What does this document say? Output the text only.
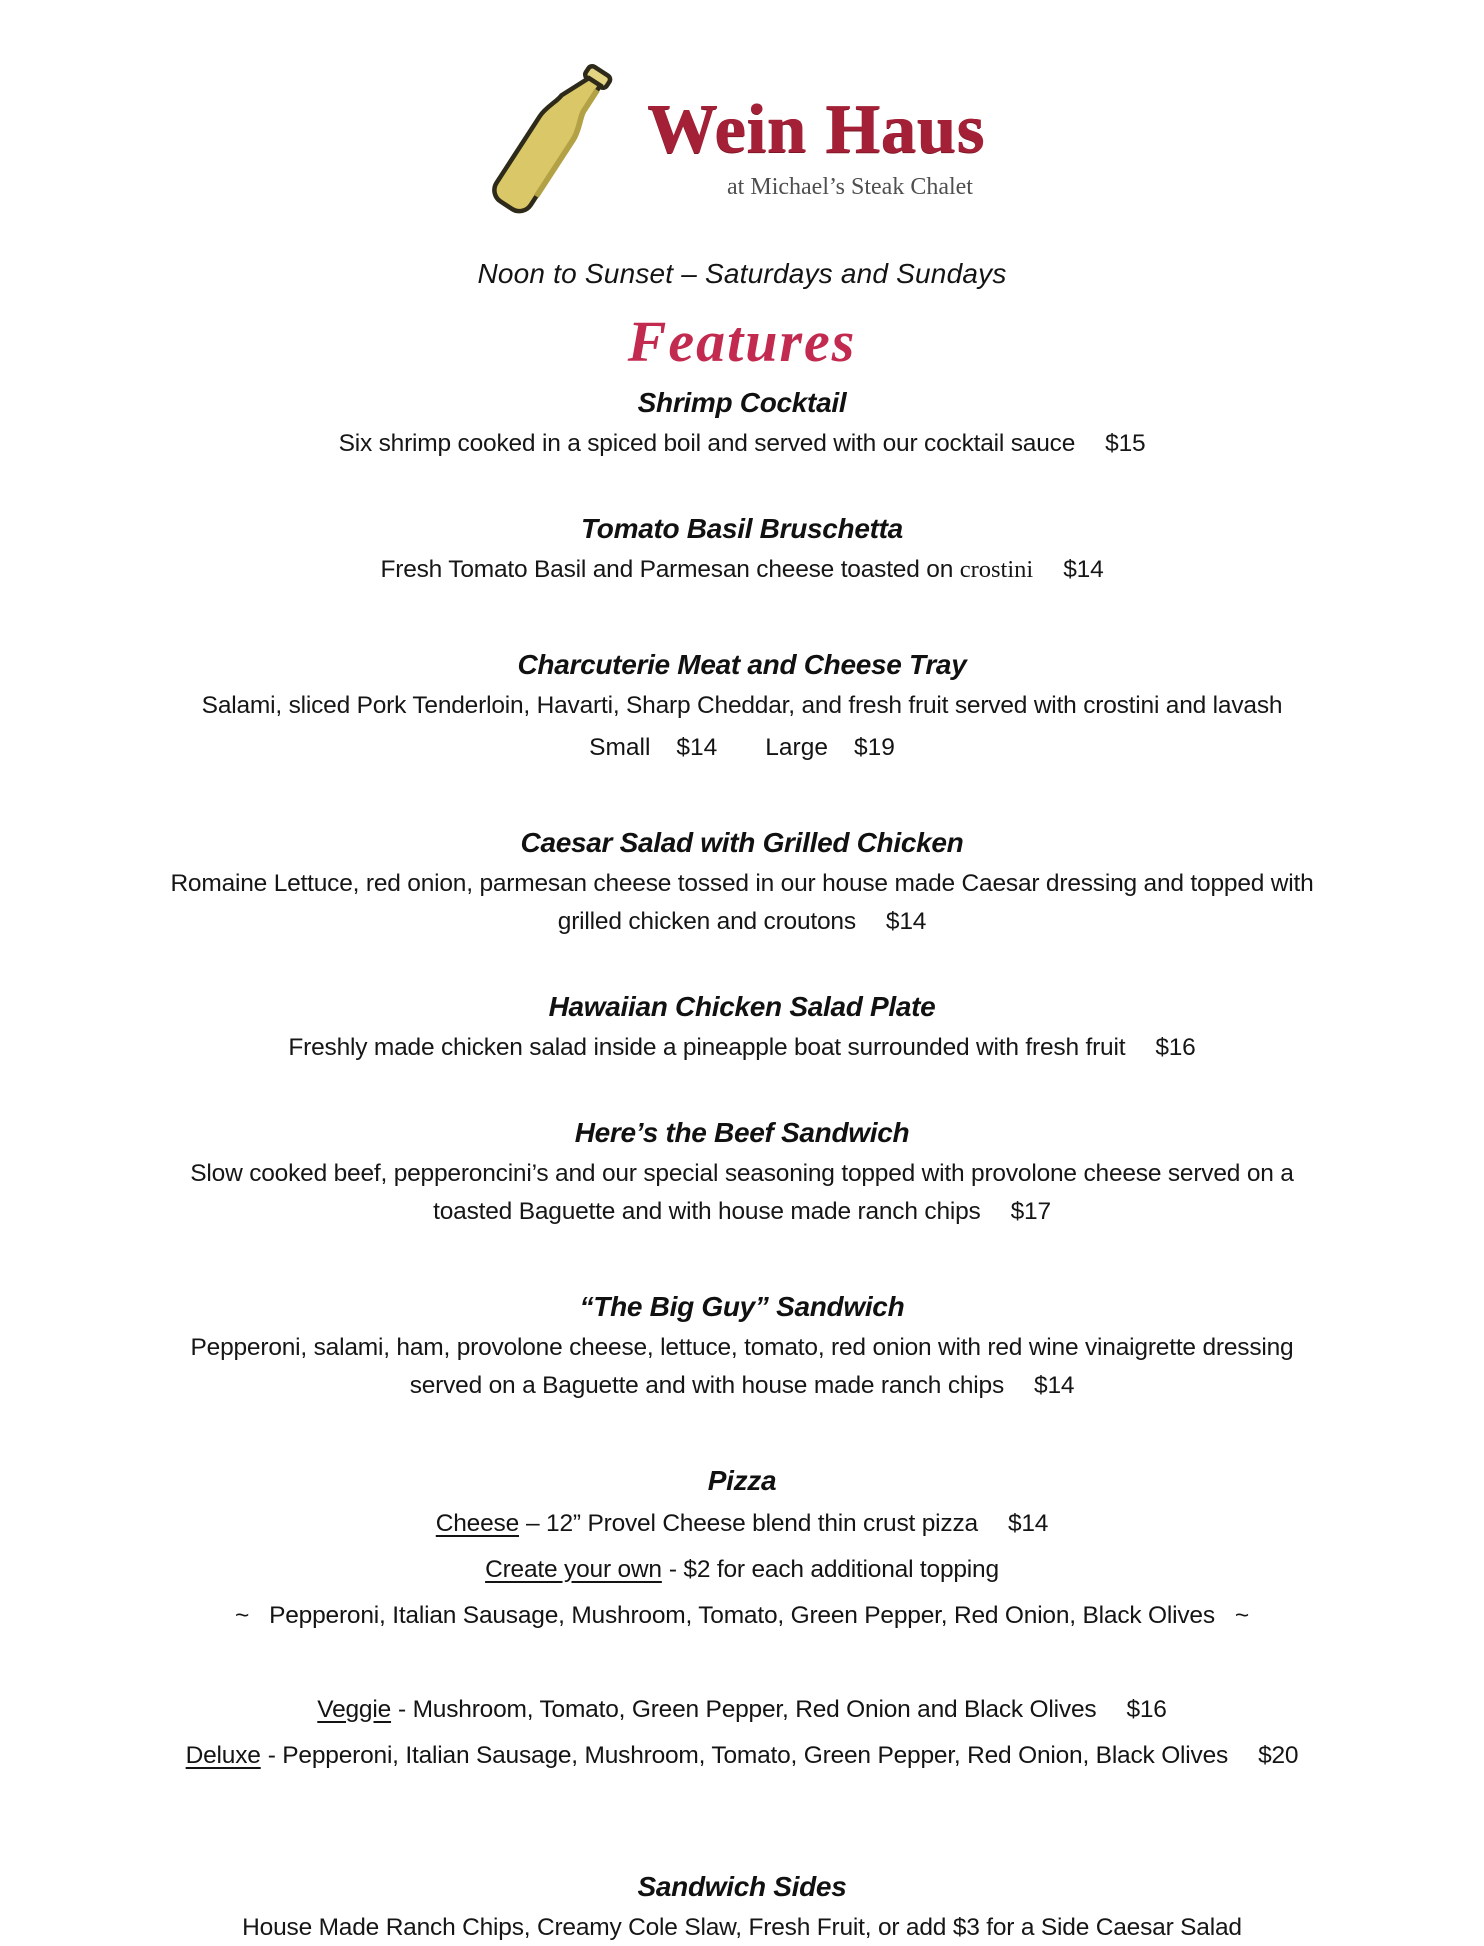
Wein Haus
at Michael’s Steak Chalet
Noon to Sunset – Saturdays and Sundays
Features
Shrimp Cocktail

Six shrimp cooked in a spiced boil and served with our cocktail sauce $15

Tomato Basil Bruschetta

Fresh Tomato Basil and Parmesan cheese toasted on crostini $14

Charcuterie Meat and Cheese Tray

Salami, sliced Pork Tenderloin, Havarti, Sharp Cheddar, and fresh fruit served with crostini and lavash

Small $14 Large $19

Caesar Salad with Grilled Chicken

Romaine Lettuce, red onion, parmesan cheese tossed in our house made Caesar dressing and topped with grilled chicken and croutons $14

Hawaiian Chicken Salad Plate

Freshly made chicken salad inside a pineapple boat surrounded with fresh fruit $16

Here’s the Beef Sandwich

Slow cooked beef, pepperoncini’s and our special seasoning topped with provolone cheese served on a toasted Baguette and with house made ranch chips $17

“The Big Guy” Sandwich

Pepperoni, salami, ham, provolone cheese, lettuce, tomato, red onion with red wine vinaigrette dressing served on a Baguette and with house made ranch chips $14

Pizza

Cheese – 12” Provel Cheese blend thin crust pizza $14

Create your own - $2 for each additional topping

~ Pepperoni, Italian Sausage, Mushroom, Tomato, Green Pepper, Red Onion, Black Olives ~

Veggie - Mushroom, Tomato, Green Pepper, Red Onion and Black Olives $16

Deluxe - Pepperoni, Italian Sausage, Mushroom, Tomato, Green Pepper, Red Onion, Black Olives $20

Sandwich Sides

House Made Ranch Chips, Creamy Cole Slaw, Fresh Fruit, or add $3 for a Side Caesar Salad
